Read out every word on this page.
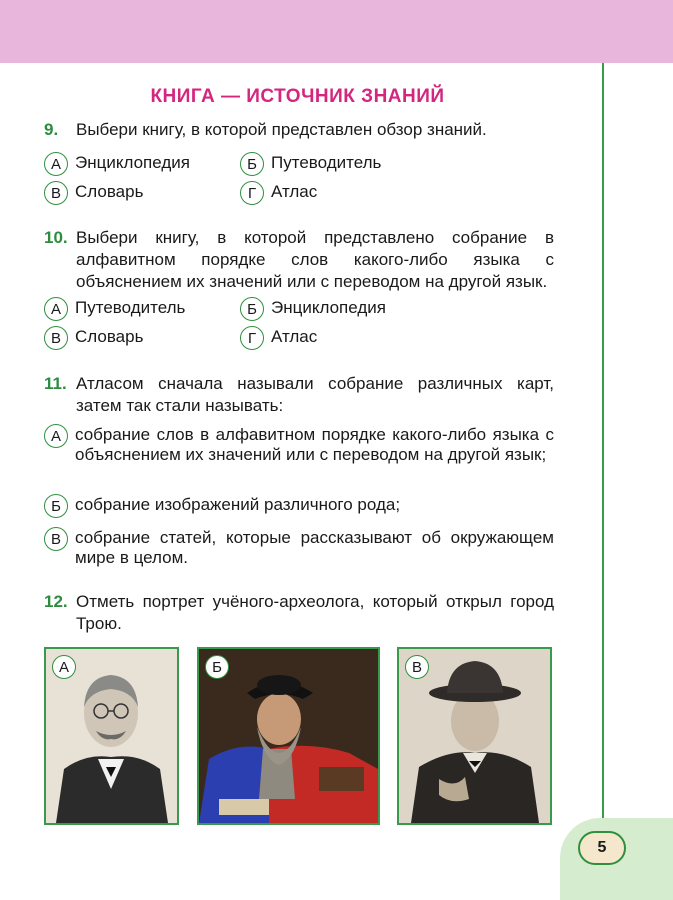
5
КНИГА — ИСТОЧНИК ЗНАНИЙ
9. Выбери книгу, в которой представлен обзор знаний.
А Энциклопедия	Б Путеводитель
В Словарь	Г Атлас
10. Выбери книгу, в которой представлено собрание в алфавитном порядке слов какого-либо языка с объяснением их значений или с переводом на другой язык.
А Путеводитель	Б Энциклопедия
В Словарь	Г Атлас
11. Атласом сначала называли собрание различных карт, затем так стали называть:
А собрание слов в алфавитном порядке какого-либо языка с объяснением их значений или с переводом на другой язык;
Б собрание изображений различного рода;
В собрание статей, которые рассказывают об окружающем мире в целом.
12. Отметь портрет учёного-археолога, который открыл город Трою.
А	Б	В
